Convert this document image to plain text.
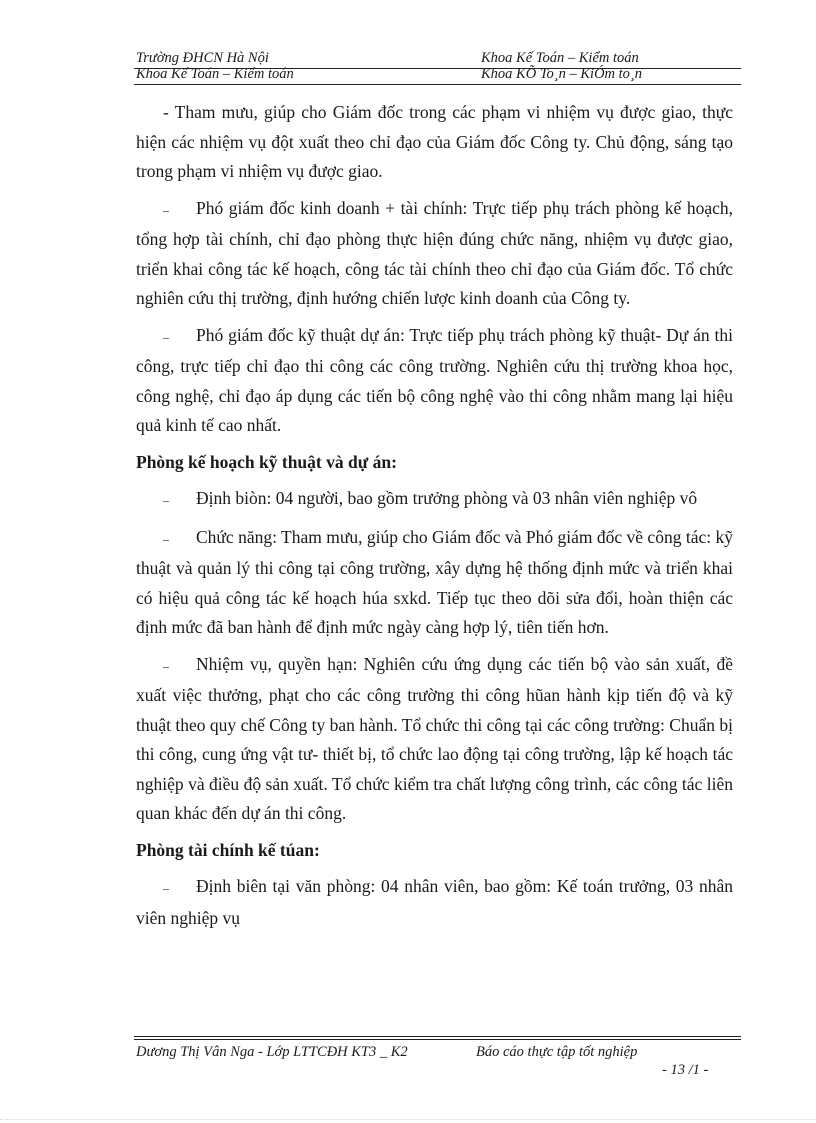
Trường ĐHCN Hà Nội	Khoa Kế Toán – Kiểm toán
Khoa Kế Toán – Kiểm toán	Khoa KÕ To¸n – KiÓm to¸n

- Tham mưu, giúp cho Giám đốc trong các phạm vi nhiệm vụ được giao, thực hiện các nhiệm vụ đột xuất theo chỉ đạo của Giám đốc Công ty. Chủ động, sáng tạo trong phạm vi nhiệm vụ được giao.

– Phó giám đốc kinh doanh + tài chính: Trực tiếp phụ trách phòng kế hoạch, tổng hợp tài chính, chỉ đạo phòng thực hiện đúng chức năng, nhiệm vụ được giao, triển khai công tác kế hoạch, công tác tài chính theo chỉ đạo của Giám đốc. Tổ chức nghiên cứu thị trường, định hướng chiến lược kinh doanh của Công ty.

– Phó giám đốc kỹ thuật dự án: Trực tiếp phụ trách phòng kỹ thuật- Dự án thi công, trực tiếp chỉ đạo thi công các công trường. Nghiên cứu thị trường khoa học, công nghệ, chỉ đạo áp dụng các tiến bộ công nghệ vào thi công nhằm mang lại hiệu quả kinh tế cao nhất.

Phòng kế hoạch kỹ thuật và dự án:

– Định biòn: 04 người, bao gồm trưởng phòng và 03 nhân viên nghiệp vô

– Chức năng: Tham mưu, giúp cho Giám đốc và Phó giám đốc về công tác: kỹ thuật và quản lý thi công tại công trường, xây dựng hệ thống định mức và triển khai có hiệu quả công tác kế hoạch húa sxkd. Tiếp tục theo dõi sửa đổi, hoàn thiện các định mức đã ban hành để định mức ngày càng hợp lý, tiên tiến hơn.

– Nhiệm vụ, quyền hạn: Nghiên cứu ứng dụng các tiến bộ vào sản xuất, đề xuất việc thưởng, phạt cho các công trường thi công hũan hành kịp tiến độ và kỹ thuật theo quy chế Công ty ban hành. Tổ chức thi công tại các công trường: Chuẩn bị thi công, cung ứng vật tư- thiết bị, tổ chức lao động tại công trường, lập kế hoạch tác nghiệp và điều độ sản xuất. Tổ chức kiểm tra chất lượng công trình, các công tác liên quan khác đến dự án thi công.

Phòng tài chính kế túan:

– Định biên tại văn phòng: 04 nhân viên, bao gồm: Kế toán trưởng, 03 nhân viên nghiệp vụ

Dương Thị Vân Nga - Lớp LTTCĐH KT3 _ K2	Báo cáo thực tập tốt nghiệp
- 13 /1 -
